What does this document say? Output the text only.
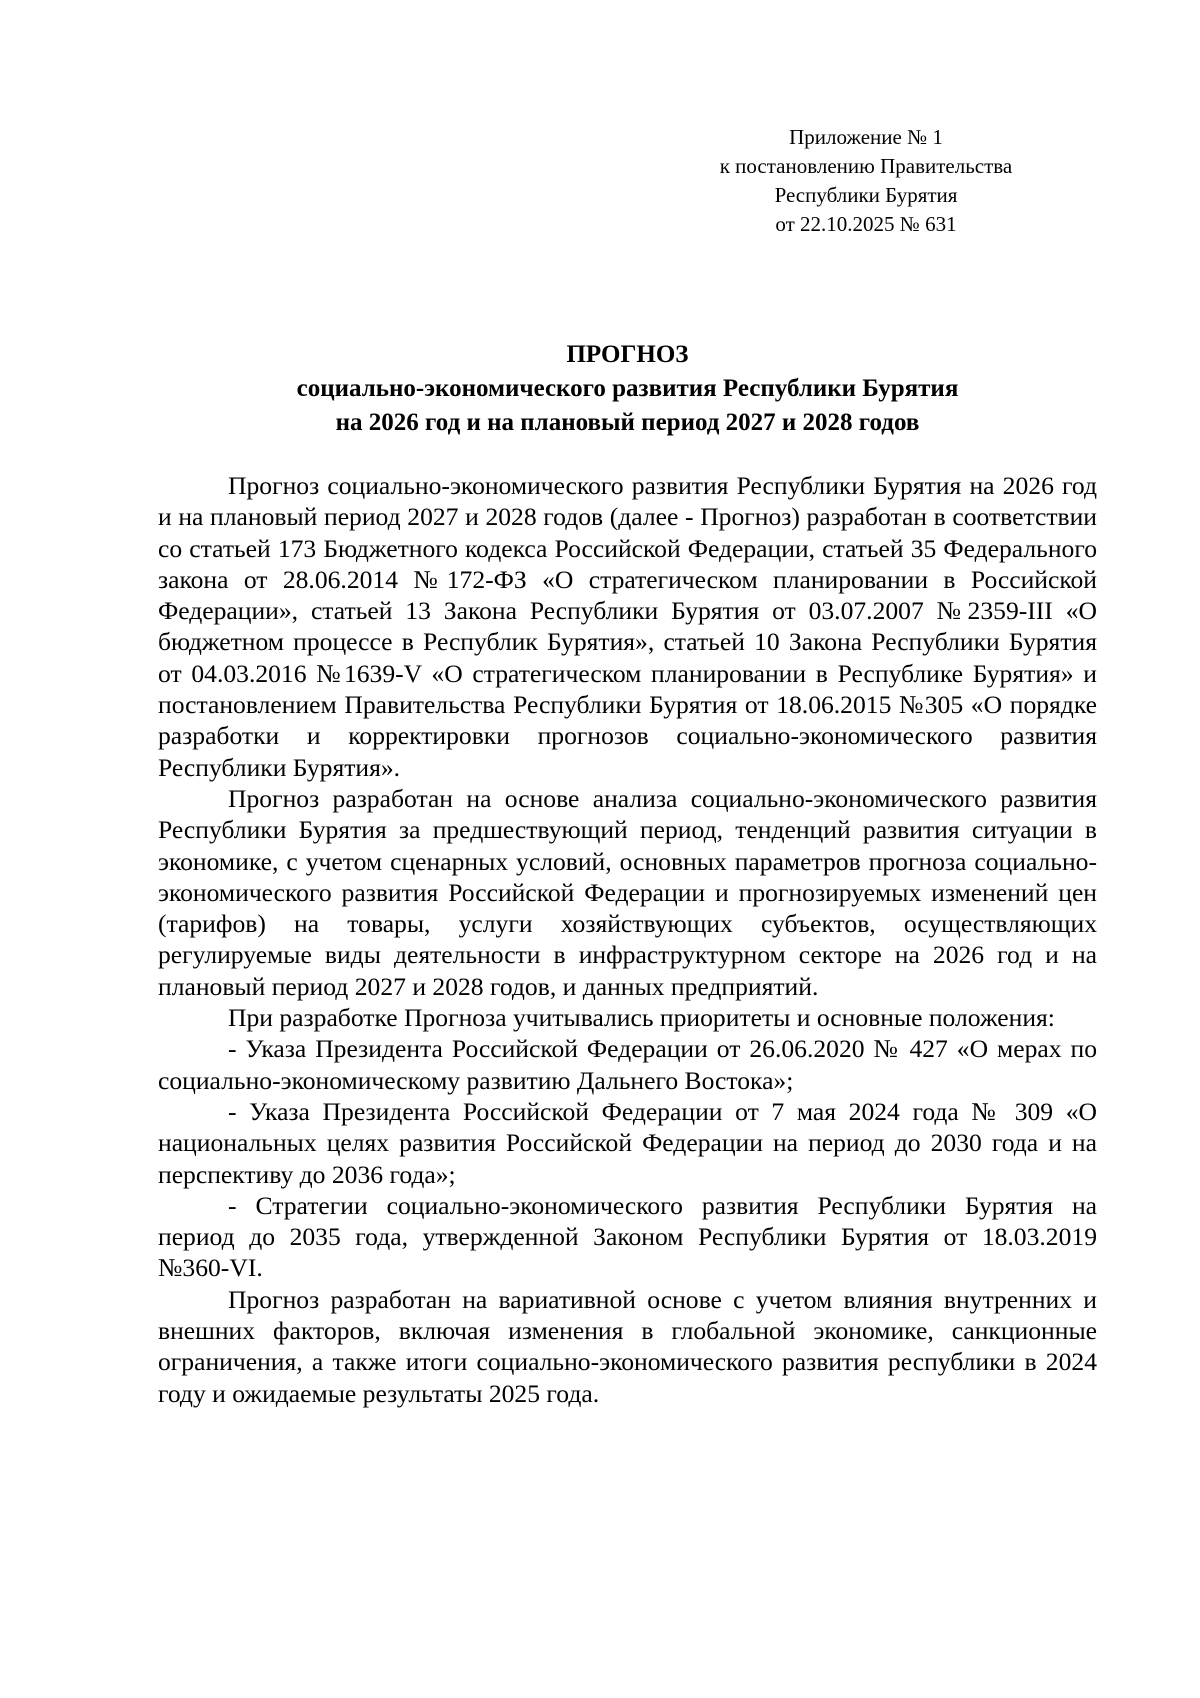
Приложение № 1
к постановлению Правительства
Республики Бурятия
от 22.10.2025 № 631
ПРОГНОЗ
социально-экономического развития Республики Бурятия
на 2026 год и на плановый период 2027 и 2028 годов

Прогноз социально-экономического развития Республики Бурятия на 2026 год и на плановый период 2027 и 2028 годов (далее - Прогноз) разработан в соответствии со статьей 173 Бюджетного кодекса Российской Федерации, статьей 35 Федерального закона от 28.06.2014 №172-ФЗ «О стратегическом планировании в Российской Федерации», статьей 13 Закона Республики Бурятия от 03.07.2007 №2359-III «О бюджетном процессе в Республик Бурятия», статьей 10 Закона Республики Бурятия от 04.03.2016 №1639-V «О стратегическом планировании в Республике Бурятия» и постановлением Правительства Республики Бурятия от 18.06.2015 №305 «О порядке разработки и корректировки прогнозов социально-экономического развития Республики Бурятия».

Прогноз разработан на основе анализа социально-экономического развития Республики Бурятия за предшествующий период, тенденций развития ситуации в экономике, с учетом сценарных условий, основных параметров прогноза социально-экономического развития Российской Федерации и прогнозируемых изменений цен (тарифов) на товары, услуги хозяйствующих субъектов, осуществляющих регулируемые виды деятельности в инфраструктурном секторе на 2026 год и на плановый период 2027 и 2028 годов, и данных предприятий.

При разработке Прогноза учитывались приоритеты и основные положения:

- Указа Президента Российской Федерации от 26.06.2020 № 427 «О мерах по социально-экономическому развитию Дальнего Востока»;

- Указа Президента Российской Федерации от 7 мая 2024 года № 309 «О национальных целях развития Российской Федерации на период до 2030 года и на перспективу до 2036 года»;

- Стратегии социально-экономического развития Республики Бурятия на период до 2035 года, утвержденной Законом Республики Бурятия от 18.03.2019 №360-VI.

Прогноз разработан на вариативной основе с учетом влияния внутренних и внешних факторов, включая изменения в глобальной экономике, санкционные ограничения, а также итоги социально-экономического развития республики в 2024 году и ожидаемые результаты 2025 года.
